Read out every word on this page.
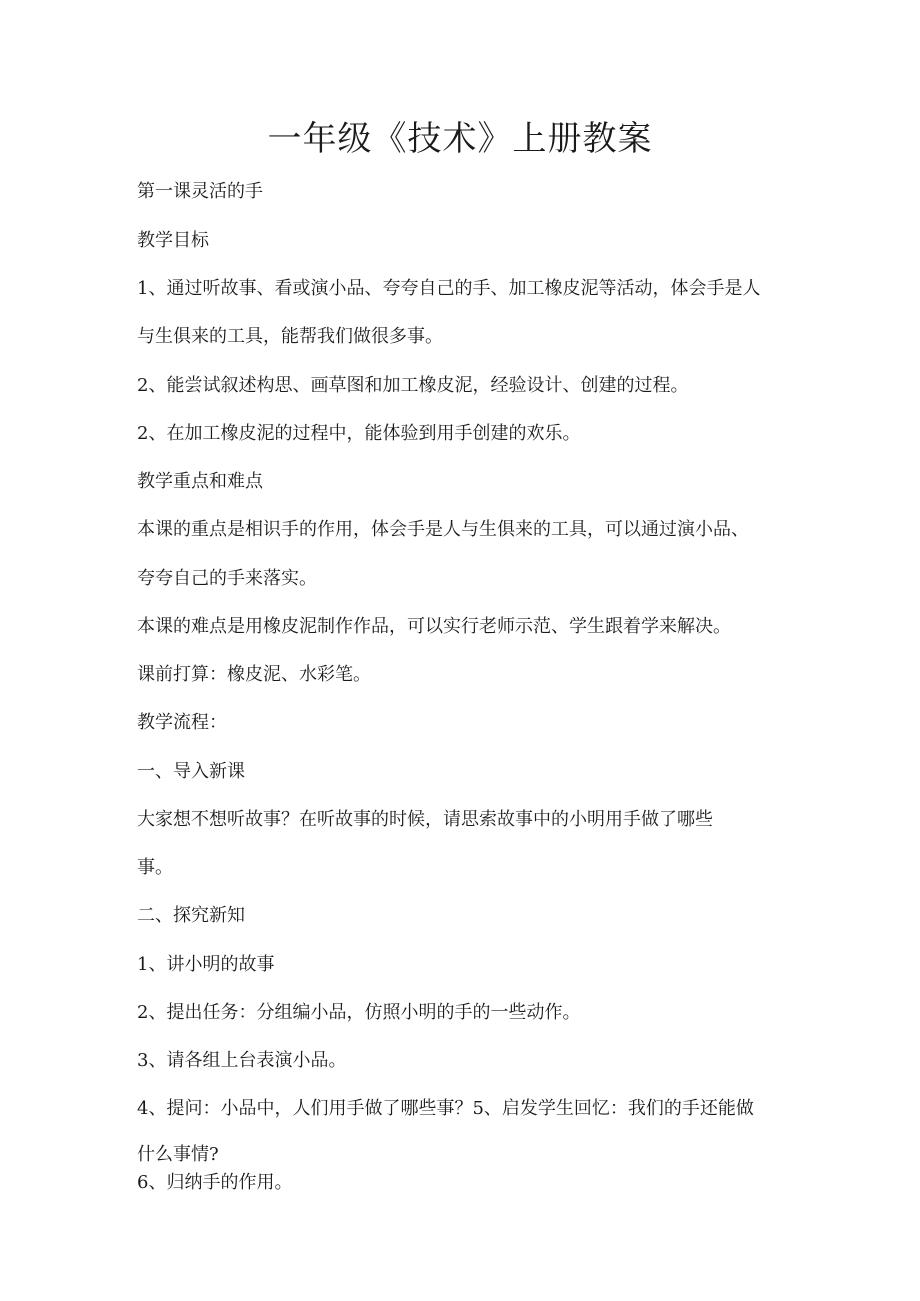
一年级《技术》上册教案

第一课灵活的手

教学目标

1、通过听故事、看或演小品、夸夸自己的手、加工橡皮泥等活动，体会手是人

与生俱来的工具，能帮我们做很多事。

2、能尝试叙述构思、画草图和加工橡皮泥，经验设计、创建的过程。

2、在加工橡皮泥的过程中，能体验到用手创建的欢乐。

教学重点和难点

本课的重点是相识手的作用，体会手是人与生俱来的工具，可以通过演小品、

夸夸自己的手来落实。

本课的难点是用橡皮泥制作作品，可以实行老师示范、学生跟着学来解决。

课前打算：橡皮泥、水彩笔。

教学流程：

一、导入新课

大家想不想听故事？在听故事的时候，请思索故事中的小明用手做了哪些

事。

二、探究新知

1、讲小明的故事

2、提出任务：分组编小品，仿照小明的手的一些动作。

3、请各组上台表演小品。

4、提问：小品中，人们用手做了哪些事？5、启发学生回忆：我们的手还能做

什么事情?

6、归纳手的作用。
